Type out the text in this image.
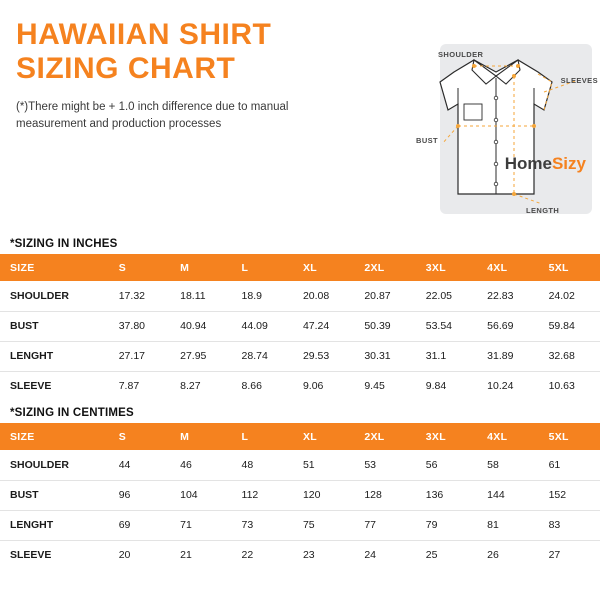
HAWAIIAN SHIRT
SIZING CHART
(*)There might be + 1.0 inch difference due to manual measurement and production processes
SHOULDER
SLEEVES
BUST
LENGTH
HomeSizy
*SIZING IN INCHES
SIZE	S	M	L	XL	2XL	3XL	4XL	5XL
SHOULDER	17.32	18.11	18.9	20.08	20.87	22.05	22.83	24.02
BUST	37.80	40.94	44.09	47.24	50.39	53.54	56.69	59.84
LENGHT	27.17	27.95	28.74	29.53	30.31	31.1	31.89	32.68
SLEEVE	7.87	8.27	8.66	9.06	9.45	9.84	10.24	10.63
*SIZING IN CENTIMES
SIZE	S	M	L	XL	2XL	3XL	4XL	5XL
SHOULDER	44	46	48	51	53	56	58	61
BUST	96	104	112	120	128	136	144	152
LENGHT	69	71	73	75	77	79	81	83
SLEEVE	20	21	22	23	24	25	26	27
